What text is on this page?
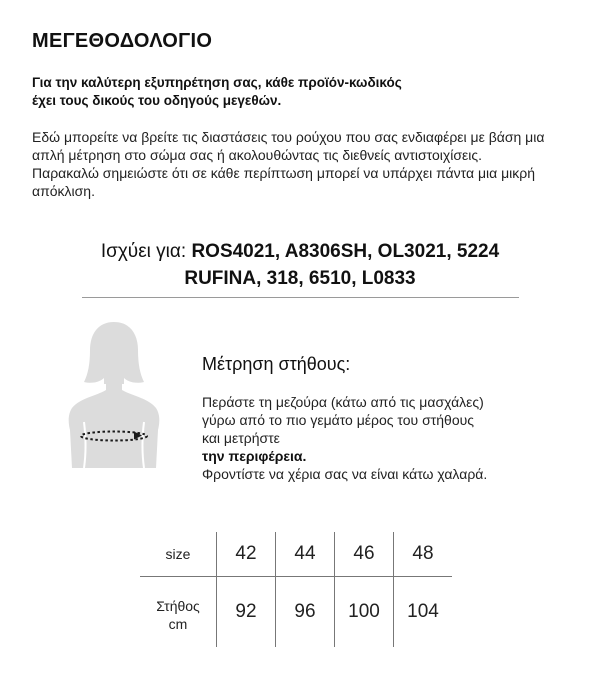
ΜΕΓΕΘΟΔΟΛΟΓΙΟ
Για την καλύτερη εξυπηρέτηση σας, κάθε προϊόν-κωδικός
έχει τους δικούς του οδηγούς μεγεθών.

Εδώ μπορείτε να βρείτε τις διαστάσεις του ρούχου που σας ενδιαφέρει με βάση μια απλή μέτρηση στο σώμα σας ή ακολουθώντας τις διεθνείς αντιστοιχίσεις.

Παρακαλώ σημειώστε ότι σε κάθε περίπτωση μπορεί να υπάρχει πάντα μια μικρή απόκλιση.

Ισχύει για: ROS4021, A8306SH, OL3021, 5224
RUFINA, 318, 6510, L0833
Μέτρηση στήθους:
Περάστε τη μεζούρα (κάτω από τις μασχάλες)
γύρω από το πιο γεμάτο μέρος του στήθους
και μετρήστε
την περιφέρεια.
Φροντίστε να χέρια σας να είναι κάτω χαλαρά.
size	42	44	46	48
Στήθος
cm	92	96	100	104
